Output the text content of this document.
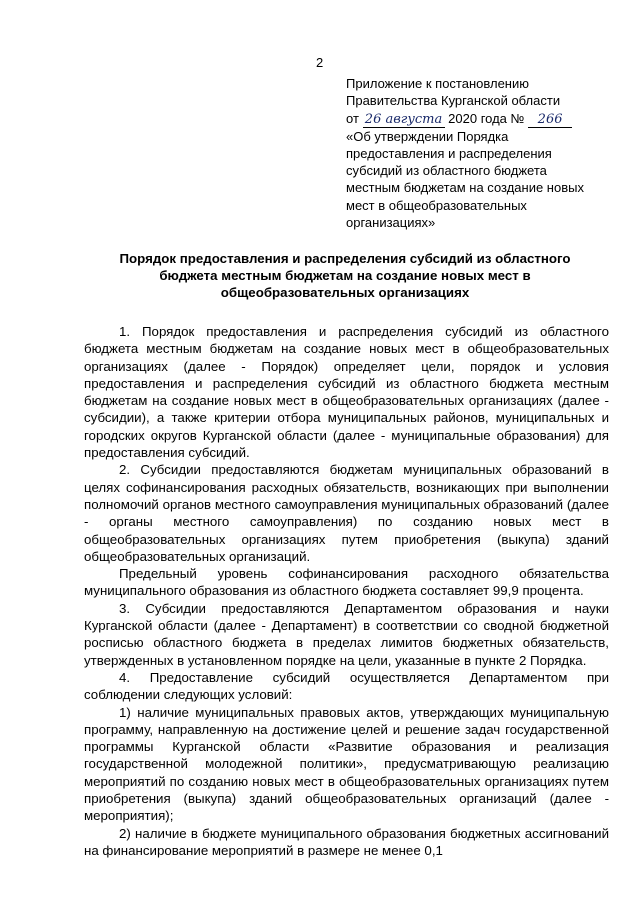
2
Приложение к постановлению
Правительства Курганской области
от 26 августа 2020 года № 266
«Об утверждении Порядка
предоставления и распределения
субсидий из областного бюджета
местным бюджетам на создание новых
мест в общеобразовательных
организациях»
Порядок предоставления и распределения субсидий из областного
бюджета местным бюджетам на создание новых мест в
общеобразовательных организациях

1. Порядок предоставления и распределения субсидий из областного бюджета местным бюджетам на создание новых мест в общеобразовательных организациях (далее - Порядок) определяет цели, порядок и условия предоставления и распределения субсидий из областного бюджета местным бюджетам на создание новых мест в общеобразовательных организациях (далее - субсидии), а также критерии отбора муниципальных районов, муниципальных и городских округов Курганской области (далее - муниципальные образования) для предоставления субсидий.

2. Субсидии предоставляются бюджетам муниципальных образований в целях софинансирования расходных обязательств, возникающих при выполнении полномочий органов местного самоуправления муниципальных образований (далее - органы местного самоуправления) по созданию новых мест в общеобразовательных организациях путем приобретения (выкупа) зданий общеобразовательных организаций.

Предельный уровень софинансирования расходного обязательства муниципального образования из областного бюджета составляет 99,9 процента.

3. Субсидии предоставляются Департаментом образования и науки Курганской области (далее - Департамент) в соответствии со сводной бюджетной росписью областного бюджета в пределах лимитов бюджетных обязательств, утвержденных в установленном порядке на цели, указанные в пункте 2 Порядка.

4. Предоставление субсидий осуществляется Департаментом при соблюдении следующих условий:

1) наличие муниципальных правовых актов, утверждающих муниципальную программу, направленную на достижение целей и решение задач государственной программы Курганской области «Развитие образования и реализация государственной молодежной политики», предусматривающую реализацию мероприятий по созданию новых мест в общеобразовательных организациях путем приобретения (выкупа) зданий общеобразовательных организаций (далее - мероприятия);

2) наличие в бюджете муниципального образования бюджетных ассигнований на финансирование мероприятий в размере не менее 0,1
